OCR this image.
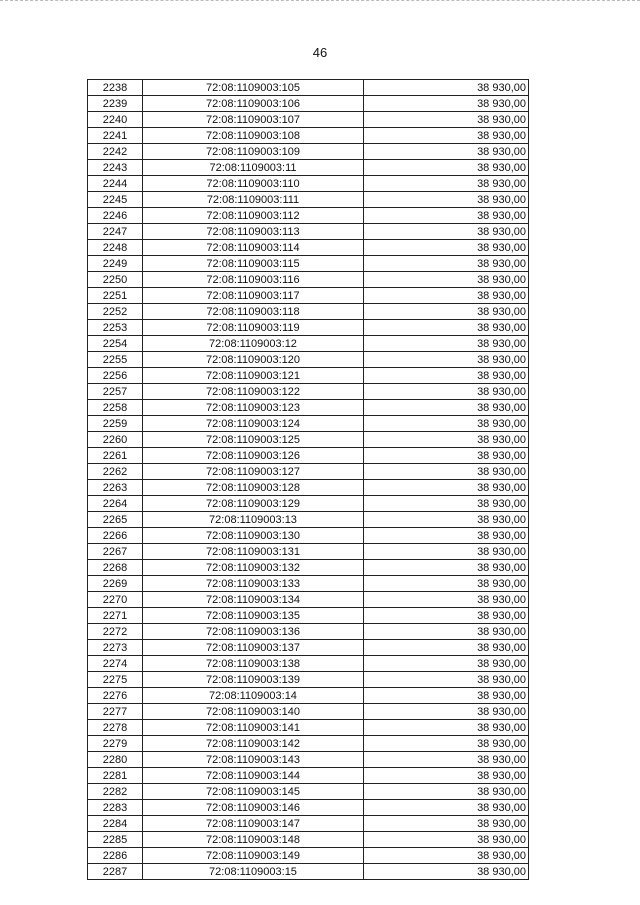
46
2238	72:08:1109003:105	38 930,00
2239	72:08:1109003:106	38 930,00
2240	72:08:1109003:107	38 930,00
2241	72:08:1109003:108	38 930,00
2242	72:08:1109003:109	38 930,00
2243	72:08:1109003:11	38 930,00
2244	72:08:1109003:110	38 930,00
2245	72:08:1109003:111	38 930,00
2246	72:08:1109003:112	38 930,00
2247	72:08:1109003:113	38 930,00
2248	72:08:1109003:114	38 930,00
2249	72:08:1109003:115	38 930,00
2250	72:08:1109003:116	38 930,00
2251	72:08:1109003:117	38 930,00
2252	72:08:1109003:118	38 930,00
2253	72:08:1109003:119	38 930,00
2254	72:08:1109003:12	38 930,00
2255	72:08:1109003:120	38 930,00
2256	72:08:1109003:121	38 930,00
2257	72:08:1109003:122	38 930,00
2258	72:08:1109003:123	38 930,00
2259	72:08:1109003:124	38 930,00
2260	72:08:1109003:125	38 930,00
2261	72:08:1109003:126	38 930,00
2262	72:08:1109003:127	38 930,00
2263	72:08:1109003:128	38 930,00
2264	72:08:1109003:129	38 930,00
2265	72:08:1109003:13	38 930,00
2266	72:08:1109003:130	38 930,00
2267	72:08:1109003:131	38 930,00
2268	72:08:1109003:132	38 930,00
2269	72:08:1109003:133	38 930,00
2270	72:08:1109003:134	38 930,00
2271	72:08:1109003:135	38 930,00
2272	72:08:1109003:136	38 930,00
2273	72:08:1109003:137	38 930,00
2274	72:08:1109003:138	38 930,00
2275	72:08:1109003:139	38 930,00
2276	72:08:1109003:14	38 930,00
2277	72:08:1109003:140	38 930,00
2278	72:08:1109003:141	38 930,00
2279	72:08:1109003:142	38 930,00
2280	72:08:1109003:143	38 930,00
2281	72:08:1109003:144	38 930,00
2282	72:08:1109003:145	38 930,00
2283	72:08:1109003:146	38 930,00
2284	72:08:1109003:147	38 930,00
2285	72:08:1109003:148	38 930,00
2286	72:08:1109003:149	38 930,00
2287	72:08:1109003:15	38 930,00
